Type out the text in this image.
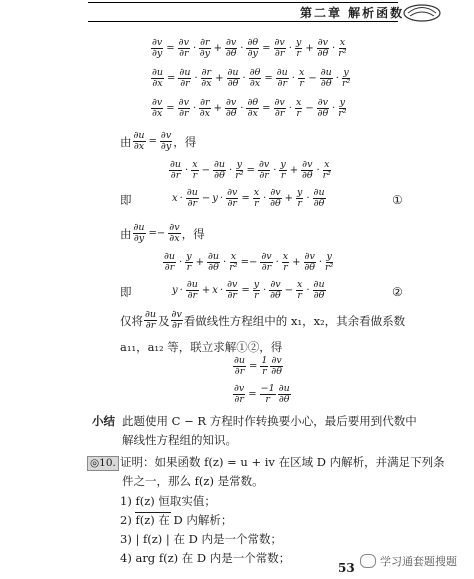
第二章 解析函数
$\frac{\partial v}{\partial y} = \frac{\partial v}{\partial r}$ ·
∂r
$\partial y + \frac{\partial v}{\partial\theta} \cdot \frac{\partial\theta}{\partial y} = \frac{\partial v}{\partial r}$ ·
y
$r + \frac{\partial v}{\partial\theta}$ ·
x
r²
$\frac{\partial u}{\partial x} = \frac{\partial u}{\partial r}$ ·
∂r
$\partial x + \frac{\partial u}{\partial\theta} \cdot \frac{\partial\theta}{\partial x} = \frac{\partial u}{\partial r}$ ·
x
$r - \frac{\partial u}{\partial\theta}$ ·
y
r²
$\frac{\partial v}{\partial x} = \frac{\partial v}{\partial r}$ ·
∂r
$\partial x + \frac{\partial v}{\partial\theta} \cdot \frac{\partial\theta}{\partial x} = \frac{\partial v}{\partial r}$ ·
x
$r - \frac{\partial v}{\partial\theta}$ ·
y
r²
由 $\frac{\partial u}{\partial x} = \frac{\partial v}{\partial y}$ ，得
∂u
∂r ·
x
$r - \frac{\partial u}{\partial\theta} \cdot \frac{y}{\text{r²}} = \frac{\partial v}{\partial r}$ ·
y
$r + \frac{\partial v}{\partial\theta}$ ·
x
r²
即	x ·
∂u
$\partial r - y \cdot \frac{\partial v}{\partial r} = \frac{x}{r}$ ·
∂v
$\partial\theta + \frac{y}{r}$ ·
∂u
∂θ	①
由 $\frac{\partial u}{\partial y} =- \frac{\partial v}{\partial x}$ ，得
∂u
∂r ·
y
$r + \frac{\partial u}{\partial\theta} \cdot \frac{x}{\text{r²}} =- \frac{\partial v}{\partial r}$ ·
x
$r + \frac{\partial v}{\partial\theta}$ ·
y
r²
即	y ·
∂u
$\partial r + x \cdot \frac{\partial v}{\partial r} = \frac{y}{r}$ ·
∂v
$\partial\theta - \frac{x}{r}$ ·
∂u
∂θ	②
仅将 ∂u
∂r 及 ∂v
∂r 看做线性方程组中的 x₁，x₂，其余看做系数
a₁₁，a₁₂ 等，联立求解①②，得
$\frac{\partial u}{\partial r} = \frac{1}{r} \partial v$
∂θ
$\frac{\partial v}{\partial r} = \frac{-1}{r} \partial u$
∂θ
小结 此题使用 C − R 方程时作转换要小心，最后要用到代数中
解线性方程组的知识。
◎10. 证明：如果函数 f(z) = u + iv 在区域 D 内解析，并满足下列条
件之一，那么 f(z) 是常数。
1) f(z) 恒取实值；
2) f(z) 在 D 内解析；
3) | f(z) | 在 D 内是一个常数；
4) arg f(z) 在 D 内是一个常数；
53 学习通套题搜题
